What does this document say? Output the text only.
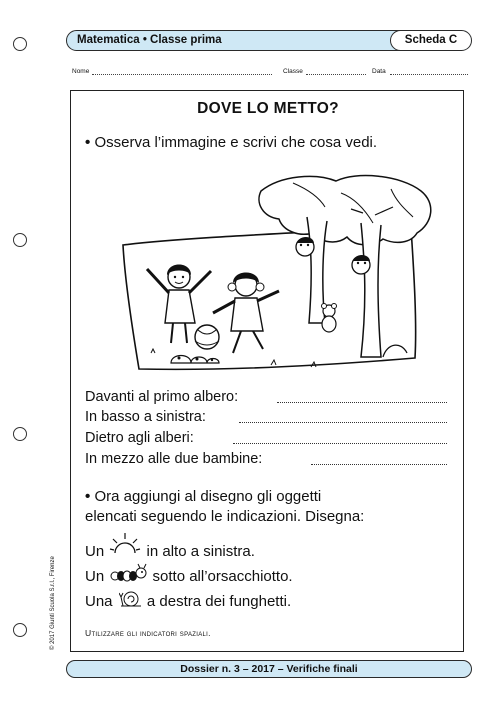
Matematica • Classe prima	Scheda C
Nome	Classe	Data
DOVE LO METTO?
• Osserva l’immagine e scrivi che cosa vedi.
Davanti al primo albero:
In basso a sinistra:
Dietro agli alberi:
In mezzo alle due bambine:
• Ora aggiungi al disegno gli oggetti
elencati seguendo le indicazioni. Disegna:
Un	in alto a sinistra.
Un	sotto all’orsacchiotto.
Una a destra dei funghetti.
Utilizzare gli indicatori spaziali.
© 2017 Giunti Scuola S.r.l., Firenze
Dossier n. 3 – 2017 – Verifiche finali
